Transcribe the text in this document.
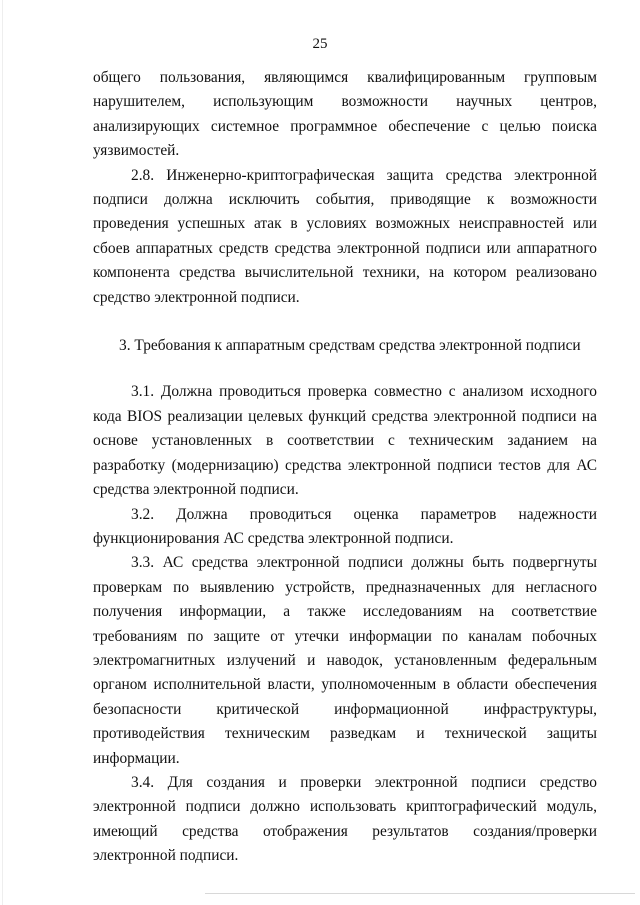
25

общего пользования, являющимся квалифицированным групповым нарушителем, использующим возможности научных центров, анализирующих системное программное обеспечение с целью поиска уязвимостей.

2.8. Инженерно-криптографическая защита средства электронной подписи должна исключить события, приводящие к возможности проведения успешных атак в условиях возможных неисправностей или сбоев аппаратных средств средства электронной подписи или аппаратного компонента средства вычислительной техники, на котором реализовано средство электронной подписи.

3. Требования к аппаратным средствам средства электронной подписи

3.1. Должна проводиться проверка совместно с анализом исходного кода BIOS реализации целевых функций средства электронной подписи на основе установленных в соответствии с техническим заданием на разработку (модернизацию) средства электронной подписи тестов для АС средства электронной подписи.

3.2. Должна проводиться оценка параметров надежности функционирования АС средства электронной подписи.

3.3. АС средства электронной подписи должны быть подвергнуты проверкам по выявлению устройств, предназначенных для негласного получения информации, а также исследованиям на соответствие требованиям по защите от утечки информации по каналам побочных электромагнитных излучений и наводок, установленным федеральным органом исполнительной власти, уполномоченным в области обеспечения безопасности критической информационной инфраструктуры, противодействия техническим разведкам и технической защиты информации.

3.4. Для создания и проверки электронной подписи средство электронной подписи должно использовать криптографический модуль, имеющий средства отображения результатов создания/проверки электронной подписи.
